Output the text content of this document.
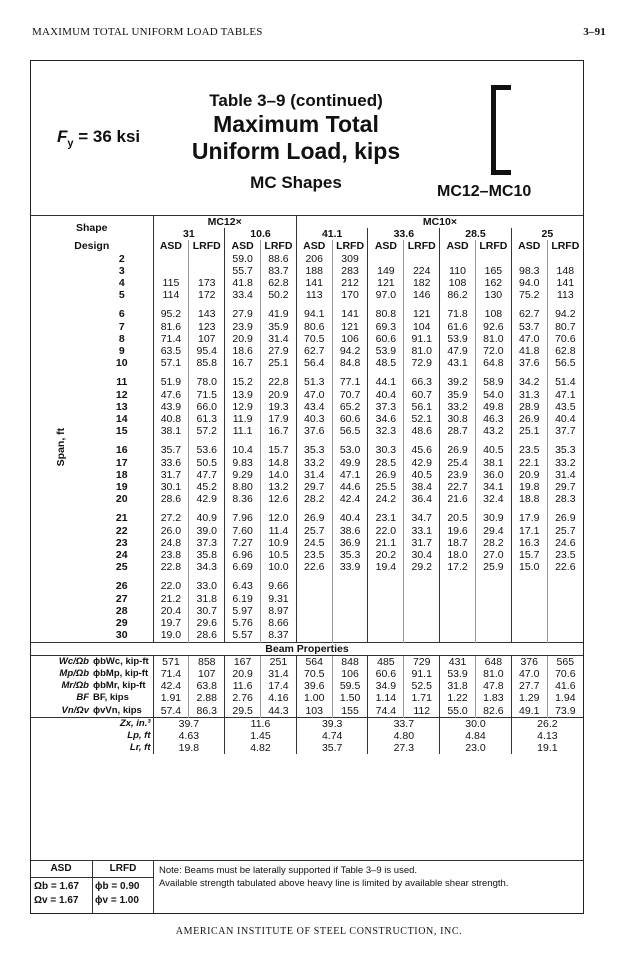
MAXIMUM TOTAL UNIFORM LOAD TABLES	3–91
$F_y = 36$ ksi
Table 3–9 (continued)
Maximum Total
Uniform Load, kips
MC Shapes	MC12–MC10
Shape		MC12×				MC10×							
		31		10.6		41.1		33.6		28.5		25	
Design		ASD	LRFD	ASD	LRFD	ASD	LRFD	ASD	LRFD	ASD	LRFD	ASD	LRFD

Span, ft	2			59.0	88.6	206	309						
	3			55.7	83.7	188	283	149	224	110	165	98.3	148
	4	115	173	41.8	62.8	141	212	121	182	108	162	94.0	141
	5	114	172	33.4	50.2	113	170	97.0	146	86.2	130	75.2	113

	6	95.2	143	27.9	41.9	94.1	141	80.8	121	71.8	108	62.7	94.2
	7	81.6	123	23.9	35.9	80.6	121	69.3	104	61.6	92.6	53.7	80.7
	8	71.4	107	20.9	31.4	70.5	106	60.6	91.1	53.9	81.0	47.0	70.6
	9	63.5	95.4	18.6	27.9	62.7	94.2	53.9	81.0	47.9	72.0	41.8	62.8
	10	57.1	85.8	16.7	25.1	56.4	84.8	48.5	72.9	43.1	64.8	37.6	56.5

	11	51.9	78.0	15.2	22.8	51.3	77.1	44.1	66.3	39.2	58.9	34.2	51.4
	12	47.6	71.5	13.9	20.9	47.0	70.7	40.4	60.7	35.9	54.0	31.3	47.1
	13	43.9	66.0	12.9	19.3	43.4	65.2	37.3	56.1	33.2	49.8	28.9	43.5
	14	40.8	61.3	11.9	17.9	40.3	60.6	34.6	52.1	30.8	46.3	26.9	40.4
	15	38.1	57.2	11.1	16.7	37.6	56.5	32.3	48.6	28.7	43.2	25.1	37.7

	16	35.7	53.6	10.4	15.7	35.3	53.0	30.3	45.6	26.9	40.5	23.5	35.3
	17	33.6	50.5	9.83	14.8	33.2	49.9	28.5	42.9	25.4	38.1	22.1	33.2
	18	31.7	47.7	9.29	14.0	31.4	47.1	26.9	40.5	23.9	36.0	20.9	31.4
	19	30.1	45.2	8.80	13.2	29.7	44.6	25.5	38.4	22.7	34.1	19.8	29.7
	20	28.6	42.9	8.36	12.6	28.2	42.4	24.2	36.4	21.6	32.4	18.8	28.3

	21	27.2	40.9	7.96	12.0	26.9	40.4	23.1	34.7	20.5	30.9	17.9	26.9
	22	26.0	39.0	7.60	11.4	25.7	38.6	22.0	33.1	19.6	29.4	17.1	25.7
	23	24.8	37.3	7.27	10.9	24.5	36.9	21.1	31.7	18.7	28.2	16.3	24.6
	24	23.8	35.8	6.96	10.5	23.5	35.3	20.2	30.4	18.0	27.0	15.7	23.5
	25	22.8	34.3	6.69	10.0	22.6	33.9	19.4	29.2	17.2	25.9	15.0	22.6

	26	22.0	33.0	6.43	9.66								
	27	21.2	31.8	6.19	9.31								
	28	20.4	30.7	5.97	8.97								
	29	19.7	29.6	5.76	8.66								
	30	19.0	28.6	5.57	8.37								
Beam Properties													
Wc/Ωb	ϕbWc, kip-ft	571	858	167	251	564	848	485	729	431	648	376	565
Mp/Ωb	ϕbMp, kip-ft	71.4	107	20.9	31.4	70.5	106	60.6	91.1	53.9	81.0	47.0	70.6
Mr/Ωb	ϕbMr, kip-ft	42.4	63.8	11.6	17.4	39.6	59.5	34.9	52.5	31.8	47.8	27.7	41.6
BF	BF, kips	1.91	2.88	2.76	4.16	1.00	1.50	1.14	1.71	1.22	1.83	1.29	1.94
Vn/Ωv	ϕvVn, kips	57.4	86.3	29.5	44.3	103	155	74.4	112	55.0	82.6	49.1	73.9
Zx, in.³		39.7		11.6		39.3		33.7		30.0		26.2	
Lp, ft		4.63		1.45		4.74		4.80		4.84		4.13	
Lr, ft		19.8		4.82		35.7		27.3		23.0		19.1	
ASD	LRFD
Ωb = 1.67
Ωv = 1.67
ϕb = 0.90
ϕv = 1.00
Note: Beams must be laterally supported if Table 3–9 is used.
Available strength tabulated above heavy line is limited by available shear strength.
AMERICAN INSTITUTE OF STEEL CONSTRUCTION, INC.
